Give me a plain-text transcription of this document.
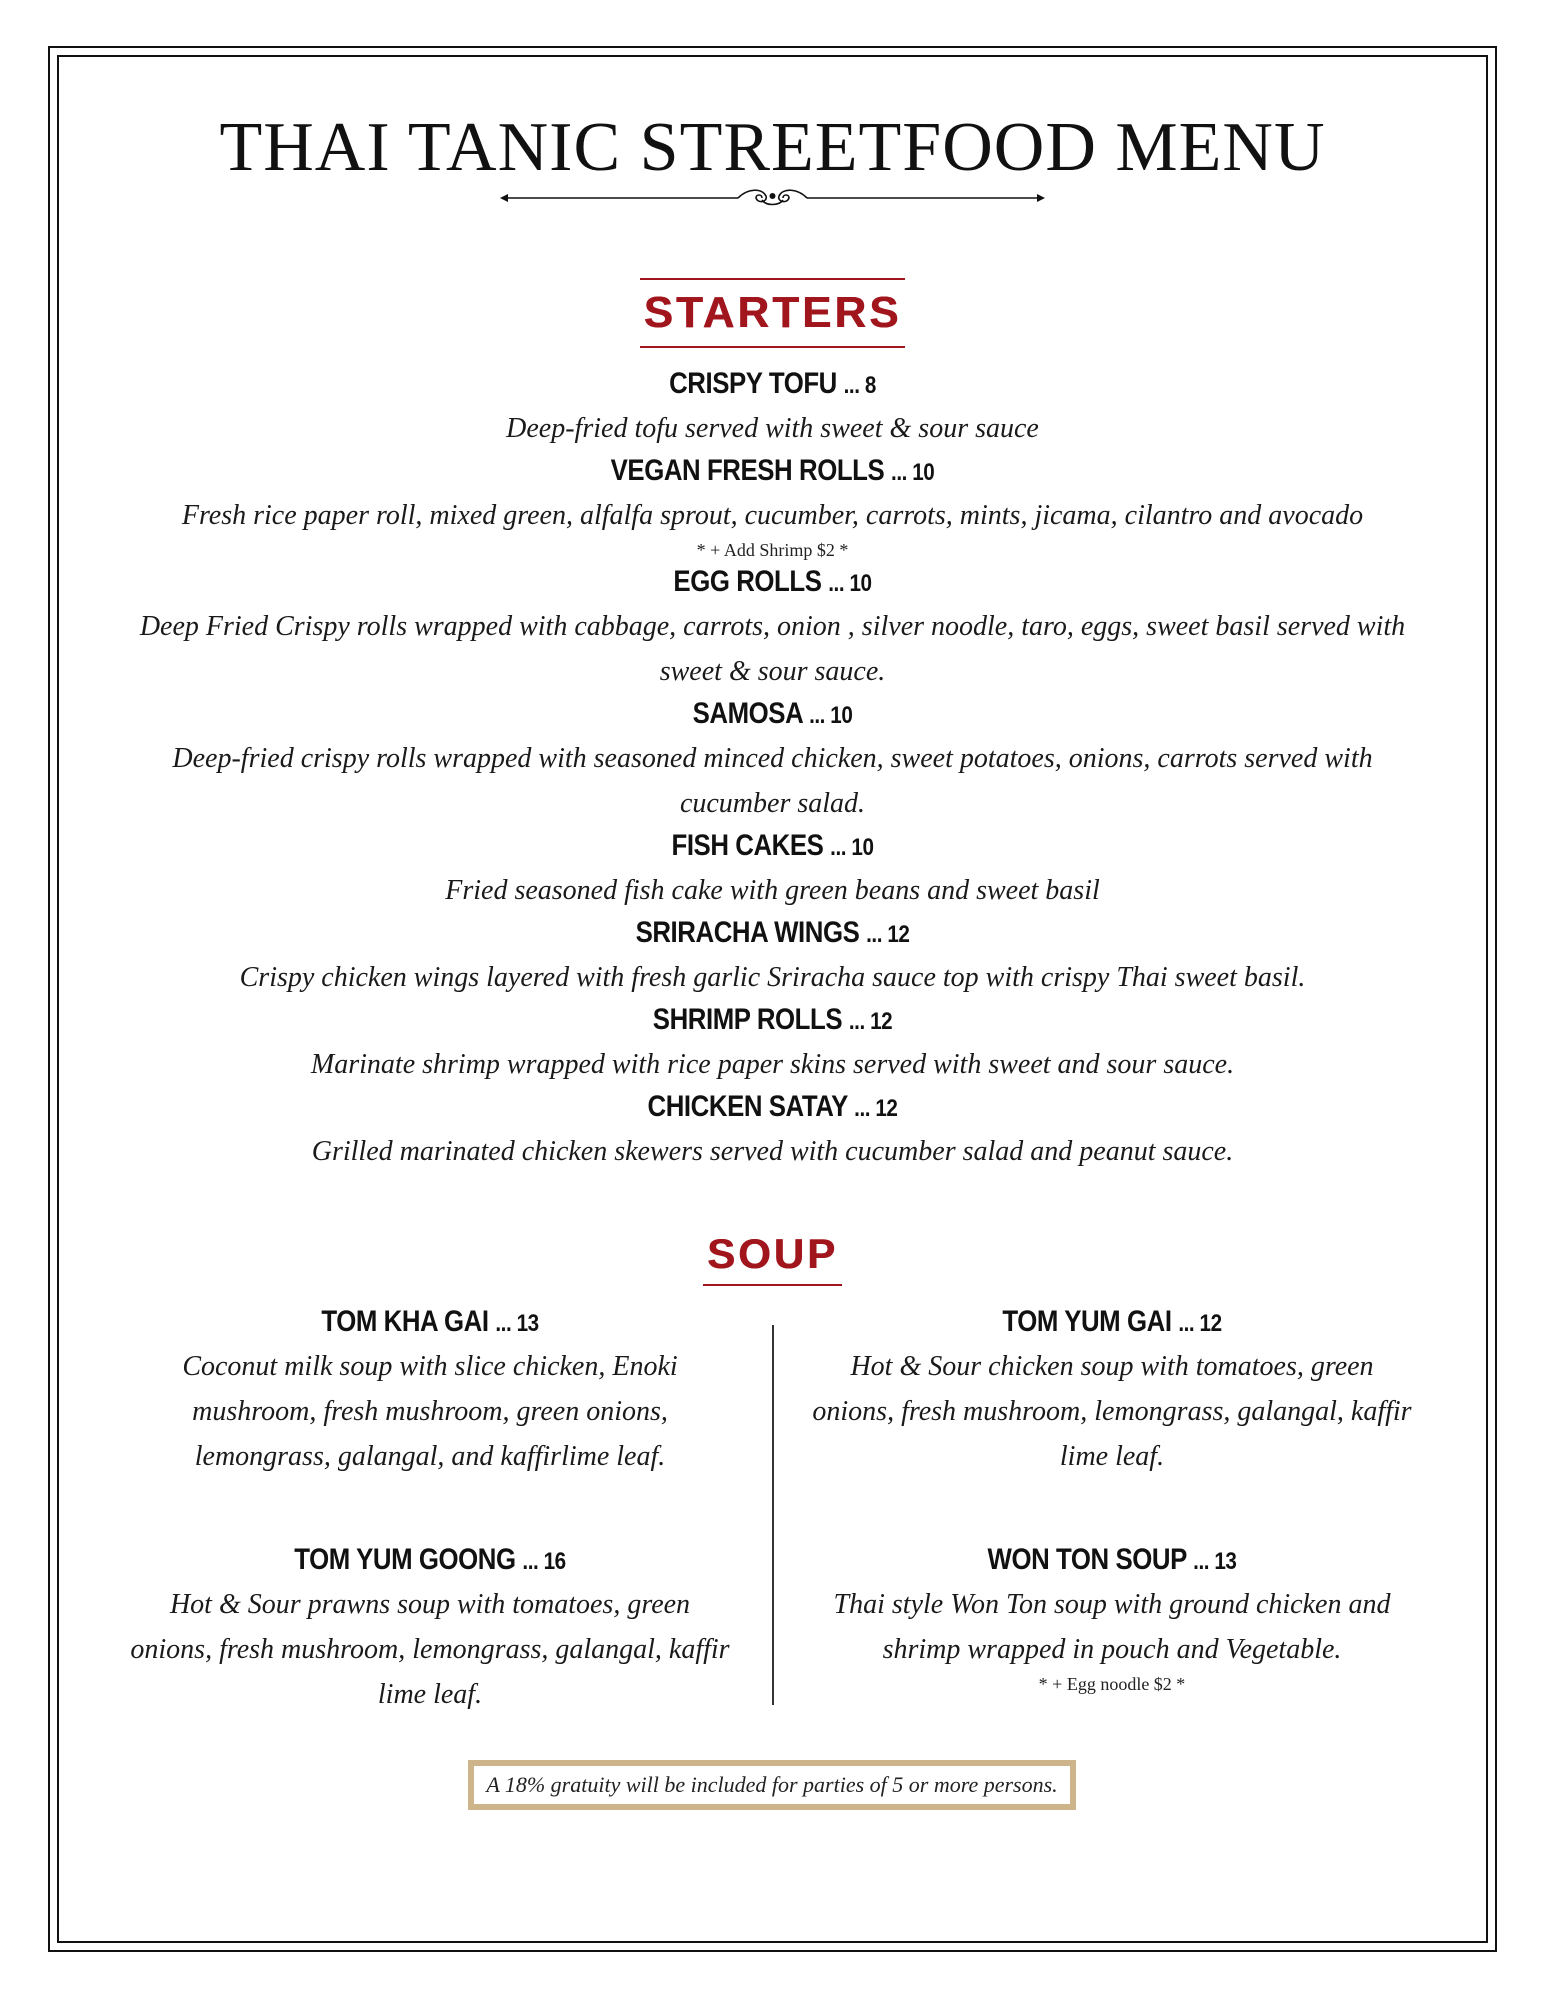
THAI TANIC STREETFOOD MENU
STARTERS
CRISPY TOFU ... 8
Deep-fried tofu served with sweet & sour sauce
VEGAN FRESH ROLLS ... 10
Fresh rice paper roll, mixed green, alfalfa sprout, cucumber, carrots, mints, jicama, cilantro and avocado
* + Add Shrimp $2 *
EGG ROLLS ... 10
Deep Fried Crispy rolls wrapped with cabbage, carrots, onion , silver noodle, taro, eggs, sweet basil served with sweet & sour sauce.
SAMOSA ... 10
Deep-fried crispy rolls wrapped with seasoned minced chicken, sweet potatoes, onions, carrots served with cucumber salad.
FISH CAKES ... 10
Fried seasoned fish cake with green beans and sweet basil
SRIRACHA WINGS ... 12
Crispy chicken wings layered with fresh garlic Sriracha sauce top with crispy Thai sweet basil.
SHRIMP ROLLS ... 12
Marinate shrimp wrapped with rice paper skins served with sweet and sour sauce.
CHICKEN SATAY ... 12
Grilled marinated chicken skewers served with cucumber salad and peanut sauce.
SOUP
TOM KHA GAI ... 13
Coconut milk soup with slice chicken, Enoki mushroom, fresh mushroom, green onions, lemongrass, galangal, and kaffirlime leaf.
TOM YUM GOONG ... 16
Hot & Sour prawns soup with tomatoes, green onions, fresh mushroom, lemongrass, galangal, kaffir lime leaf.
TOM YUM GAI ... 12
Hot & Sour chicken soup with tomatoes, green onions, fresh mushroom, lemongrass, galangal, kaffir lime leaf.
WON TON SOUP ... 13
Thai style Won Ton soup with ground chicken and shrimp wrapped in pouch and Vegetable.
* + Egg noodle $2 *
A 18% gratuity will be included for parties of 5 or more persons.
